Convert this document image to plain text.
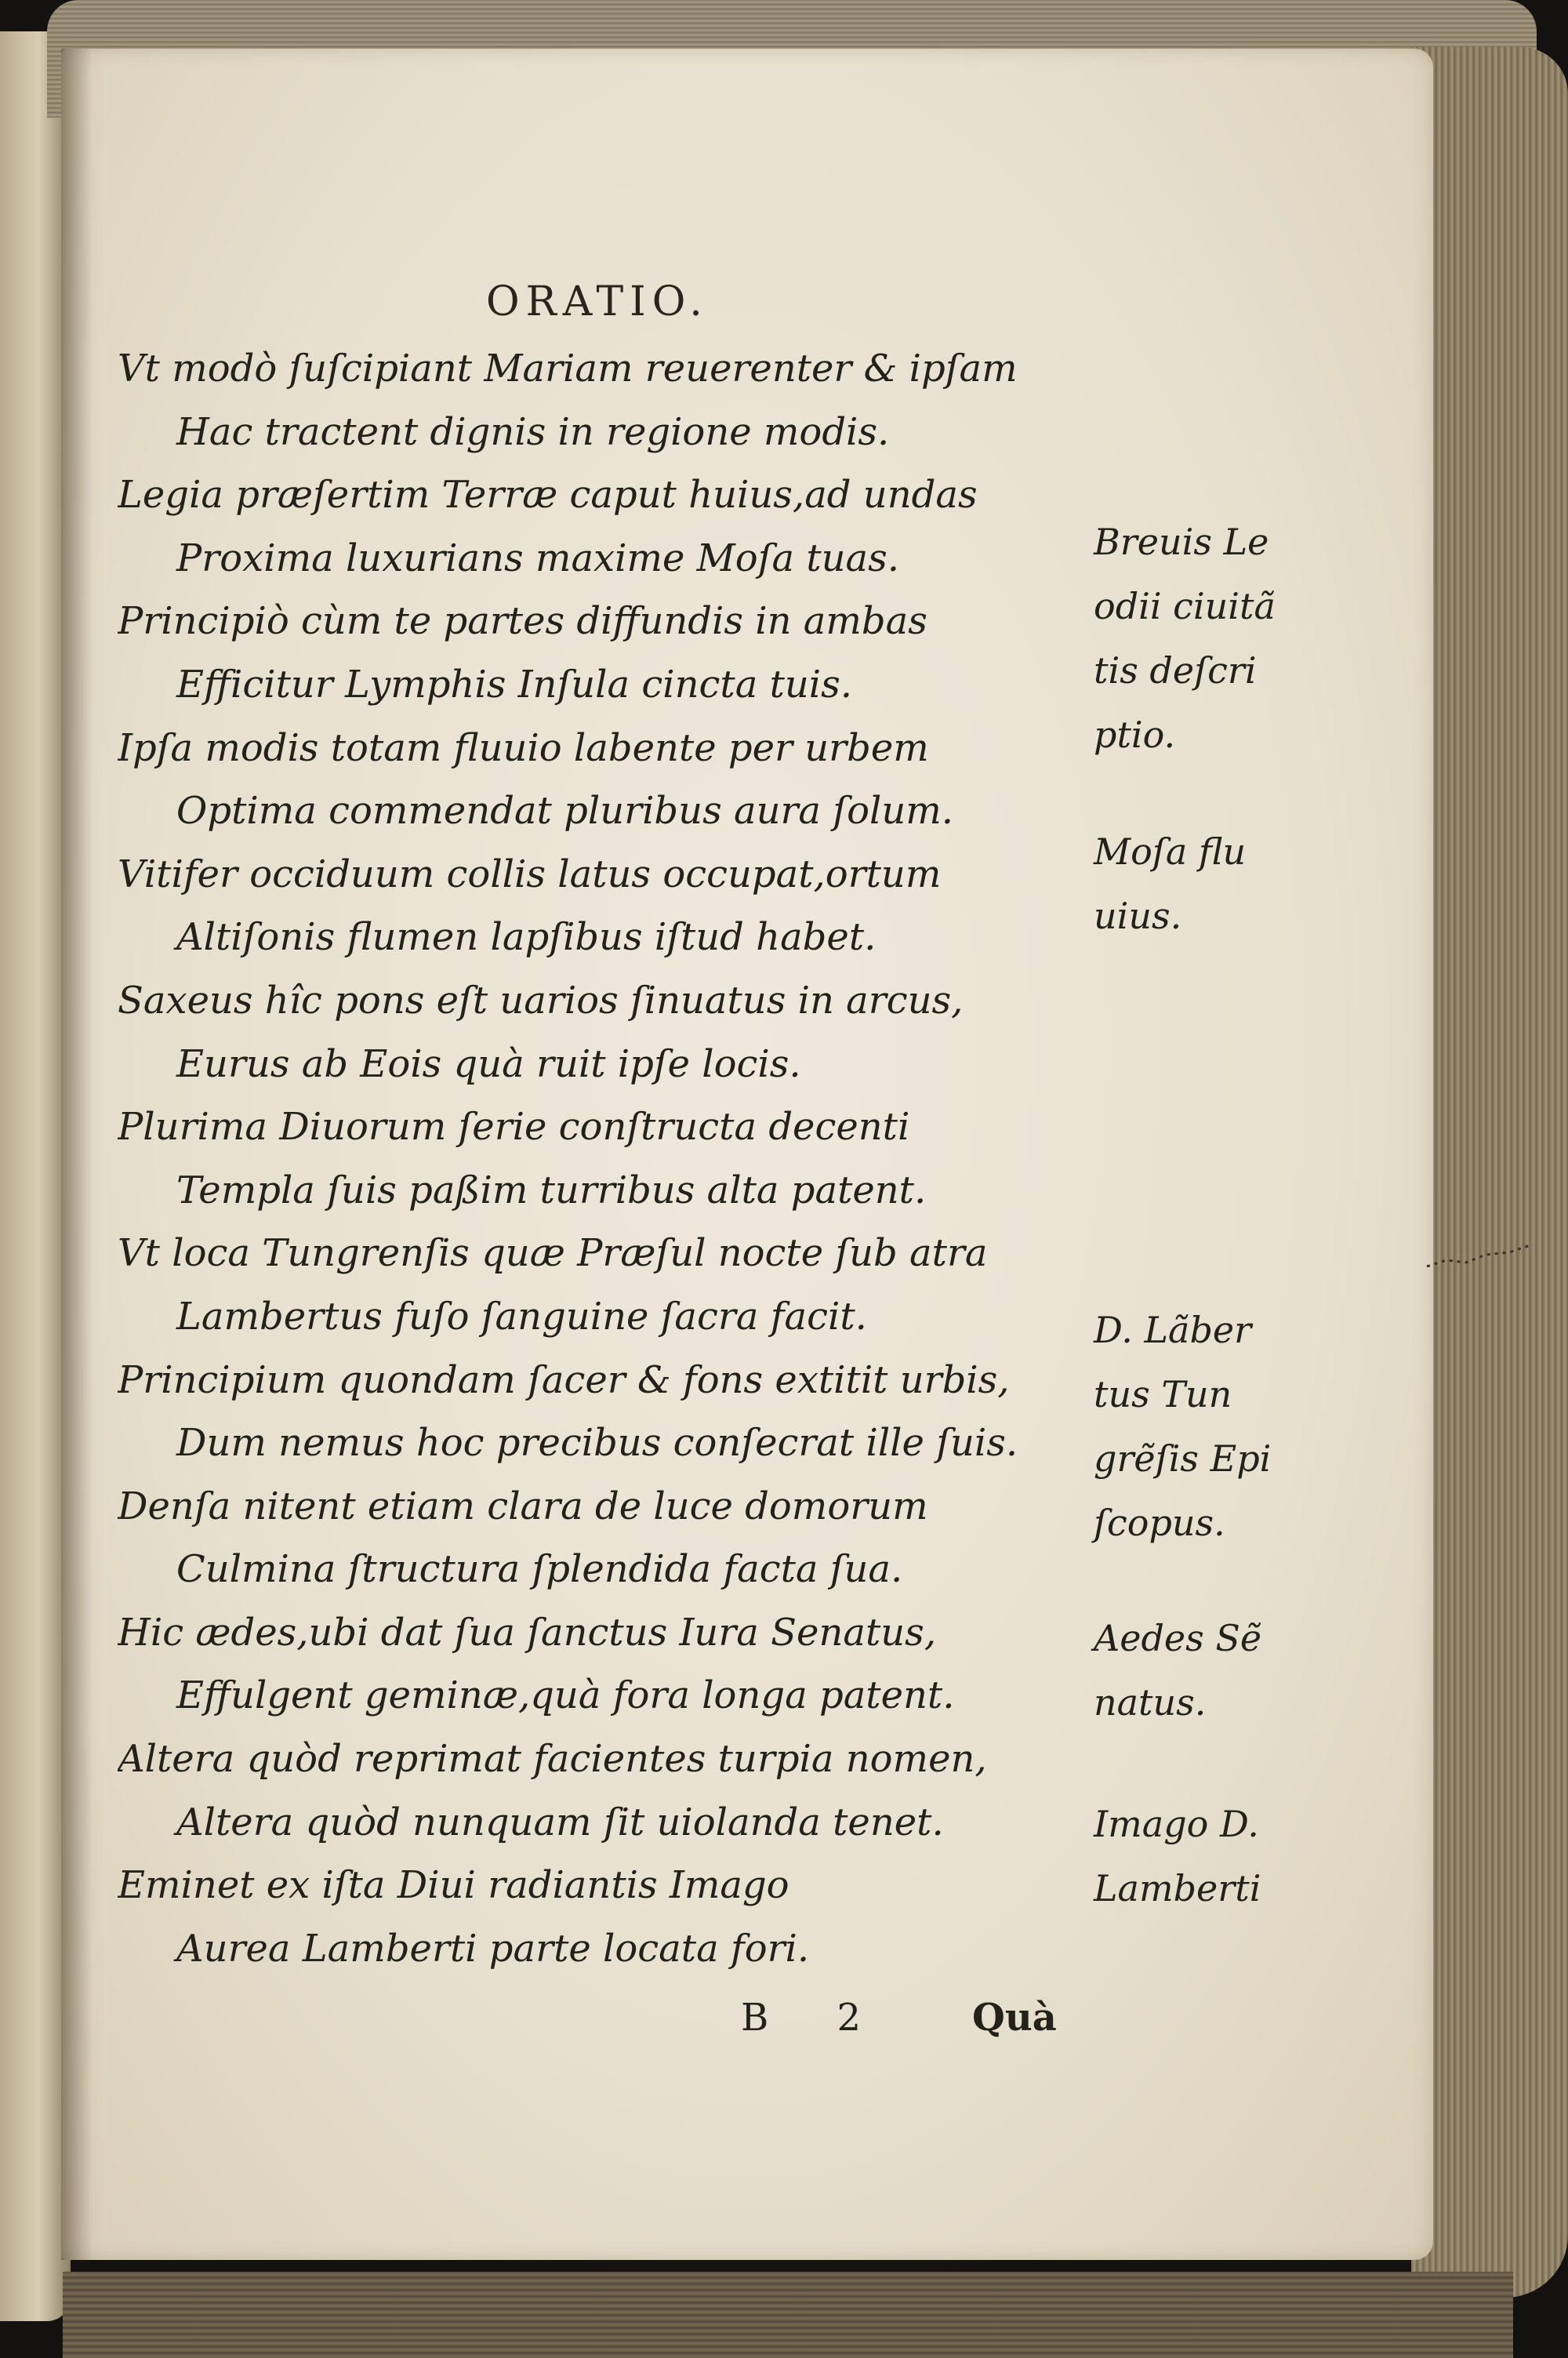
ORATIO.
Vt modò ſuſcipiant Mariam reuerenter & ipſam
Hac tractent dignis in regione modis.
Legia præſertim Terræ caput huius,ad undas
Proxima luxurians maxime Moſa tuas.
Principiò cùm te partes diffundis in ambas
Efficitur Lymphis Inſula cincta tuis.
Ipſa modis totam fluuio labente per urbem
Optima commendat pluribus aura ſolum.
Vitifer occiduum collis latus occupat,ortum
Altiſonis flumen lapſibus iſtud habet.
Saxeus hîc pons eſt uarios ſinuatus in arcus,
Eurus ab Eois quà ruit ipſe locis.
Plurima Diuorum ſerie conſtructa decenti
Templa ſuis paßim turribus alta patent.
Vt loca Tungrenſis quæ Præſul nocte ſub atra
Lambertus fuſo ſanguine ſacra facit.
Principium quondam ſacer & fons extitit urbis,
Dum nemus hoc precibus conſecrat ille ſuis.
Denſa nitent etiam clara de luce domorum
Culmina ſtructura ſplendida facta ſua.
Hic ædes,ubi dat ſua ſanctus Iura Senatus,
Effulgent geminæ,quà fora longa patent.
Altera quòd reprimat facientes turpia nomen,
Altera quòd nunquam ſit uiolanda tenet.
Eminet ex iſta Diui radiantis Imago
Aurea Lamberti parte locata fori.
Breuis Le
odii ciuitã
tis deſcri
ptio.
Moſa flu
uius.
D. Lãber
tus Tun
grẽſis Epi
ſcopus.
Aedes Sẽ
natus.
Imago D.
Lamberti
B 2 Quà
